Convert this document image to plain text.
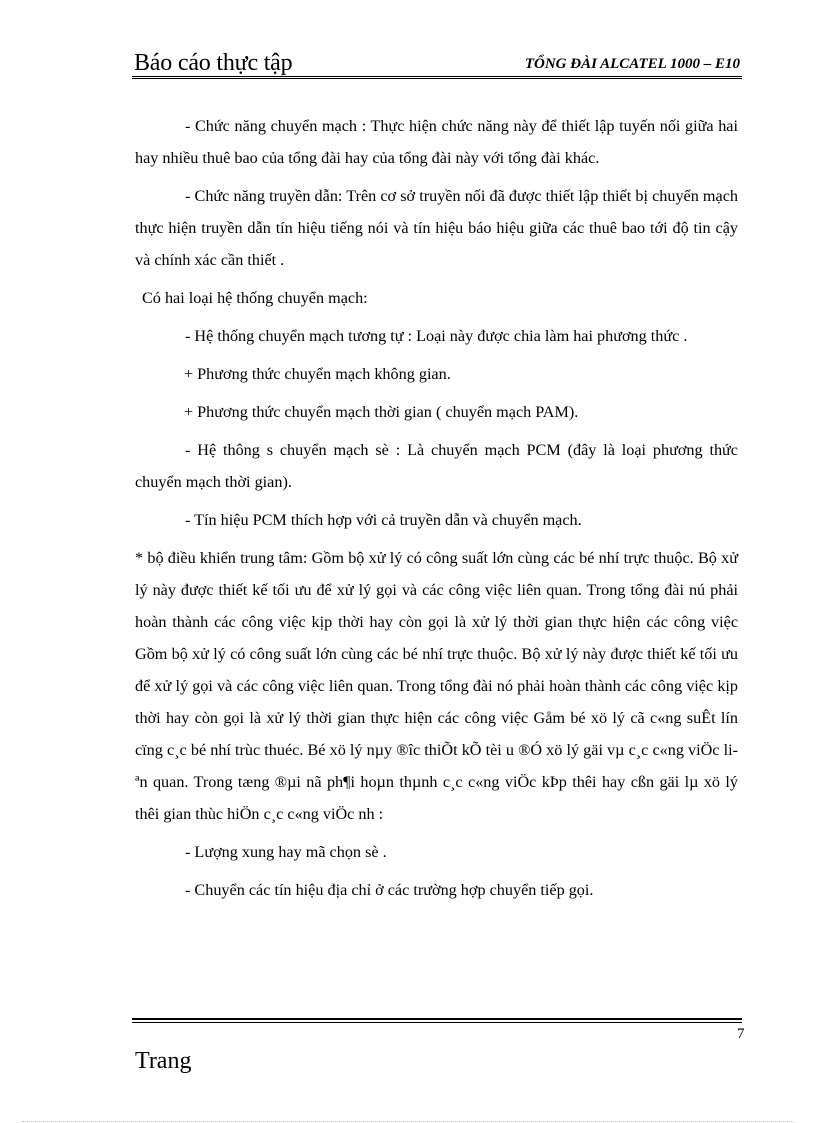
Báo cáo thực tập	TỔNG ĐÀI ALCATEL 1000 – E10

- Chức năng chuyển mạch : Thực hiện chức năng này để thiết lập tuyến nối giữa hai hay nhiều thuê bao của tổng đài hay của tổng đài này với tổng đài khác.

- Chức năng truyền dẫn: Trên cơ sở truyền nối đã được thiết lập thiết bị chuyển mạch thực hiện truyền dẫn tín hiệu tiếng nói và tín hiệu báo hiệu giữa các thuê bao tới độ tin cậy và chính xác cần thiết .

Có hai loại hệ thống chuyển mạch:

- Hệ thống chuyển mạch tương tự : Loại này được chia làm hai phương thức .

+ Phương thức chuyển mạch không gian.

+ Phương thức chuyển mạch thời gian ( chuyển mạch PAM).

- Hệ thông s chuyển mạch sè : Là chuyển mạch PCM (đây là loại phương thức chuyển mạch thời gian).

- Tín hiệu PCM thích hợp với cả truyền dẫn và chuyển mạch.

* bộ điều khiển trung tâm: Gồm bộ xử lý có công suất lớn cùng các bé nhí trực thuộc. Bộ xử lý này được thiết kế tối ưu để xử lý gọi và các công việc liên quan. Trong tổng đài nú phải hoàn thành các công việc kịp thời hay còn gọi là xử lý thời gian thực hiện các công việc Gồm bộ xử lý có công suất lớn cùng các bé nhí trực thuộc. Bộ xử lý này được thiết kế tối ưu để xử lý gọi và các công việc liên quan. Trong tổng đài nó phải hoàn thành các công việc kịp thời hay còn gọi là xử lý thời gian thực hiện các công việc Gåm bé xö lý cã c«ng suÊt lín cïng c¸c bé nhí trùc thuéc. Bé xö lý nµy ®îc thiÕt kÕ tèi u ®Ó xö lý gäi vµ c¸c c«ng viÖc liªn quan. Trong tæng ®µi nã ph¶i hoµn thµnh c¸c c«ng viÖc kÞp thêi hay cßn gäi lµ xö lý thêi gian thùc hiÖn c¸c c«ng viÖc nh :

- Lượng xung hay mã chọn sè .

- Chuyển các tín hiệu địa chỉ ở các trường hợp chuyển tiếp gọi.

7
Trang
